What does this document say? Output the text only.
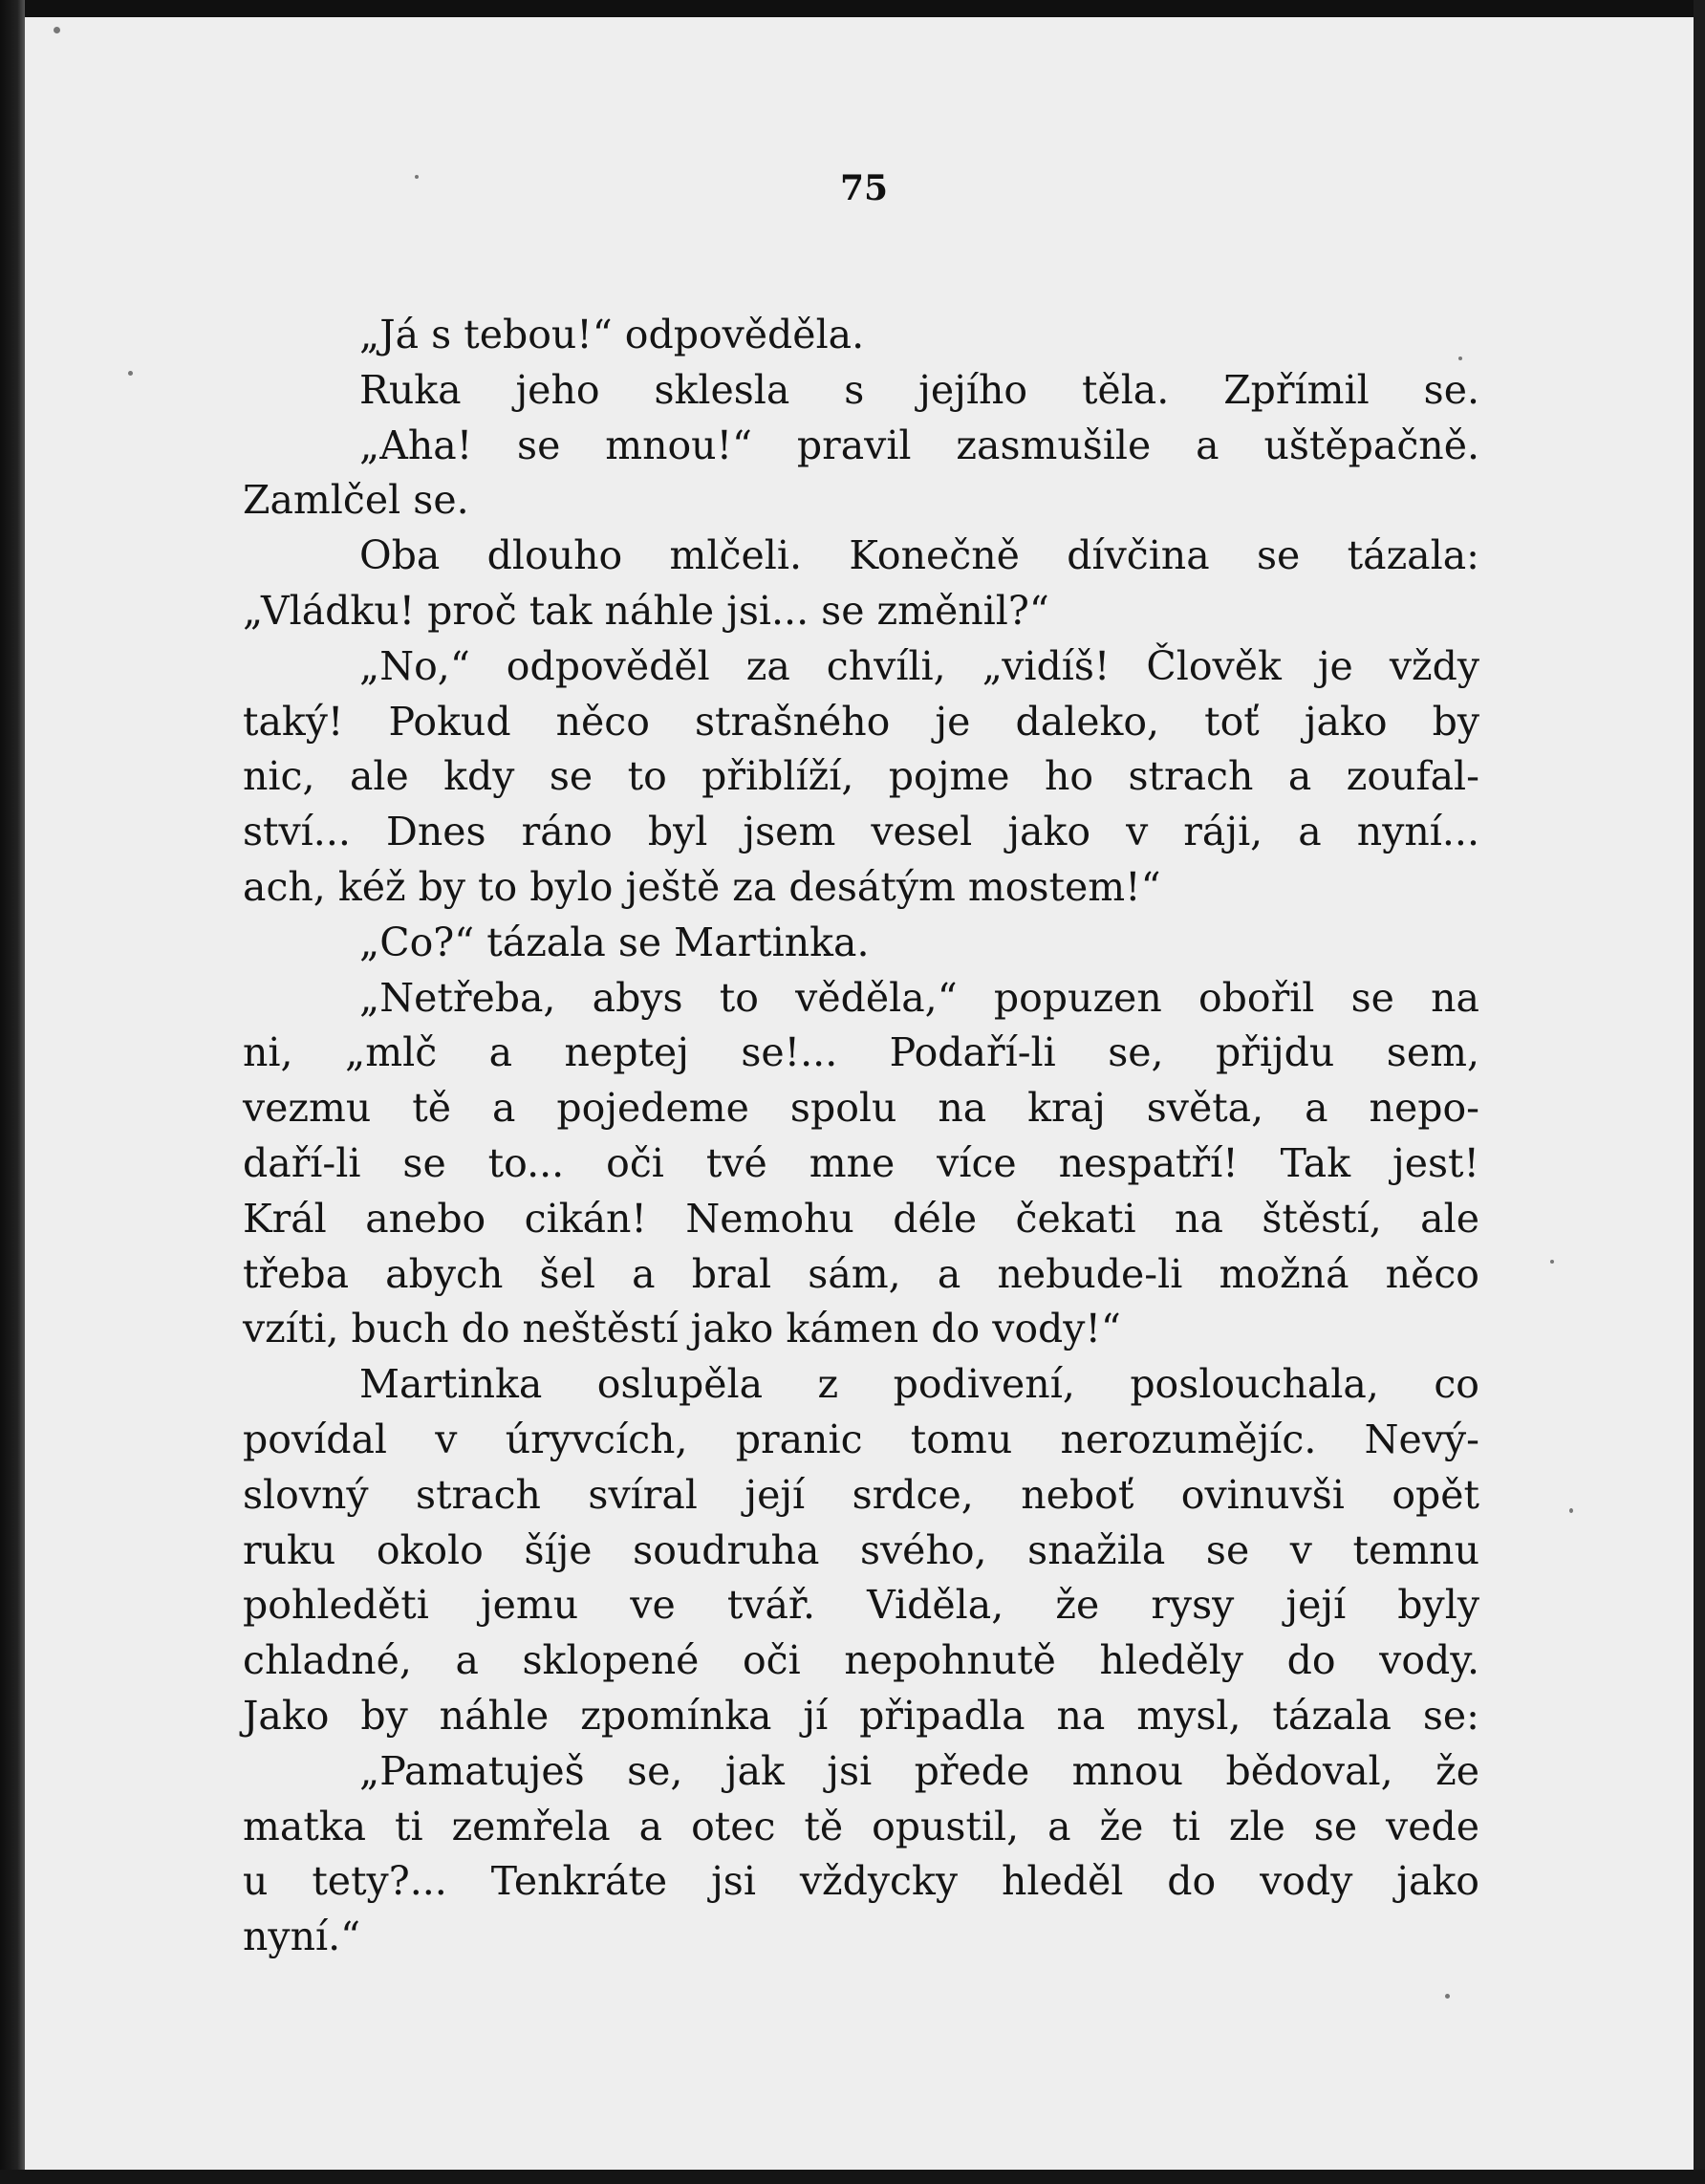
75
„Já s tebou!“ odpověděla.
Ruka jeho sklesla s jejího těla. Zpřímil se.
„Aha! se mnou!“ pravil zasmušile a uštěpačně.
Zamlčel se.
Oba dlouho mlčeli. Konečně dívčina se tázala:
„Vládku! proč tak náhle jsi... se změnil?“
„No,“ odpověděl za chvíli, „vidíš! Člověk je vždy
taký! Pokud něco strašného je daleko, toť jako by
nic, ale kdy se to přiblíží, pojme ho strach a zoufal-
ství... Dnes ráno byl jsem vesel jako v ráji, a nyní...
ach, kéž by to bylo ještě za desátým mostem!“
„Co?“ tázala se Martinka.
„Netřeba, abys to věděla,“ popuzen obořil se na
ni, „mlč a neptej se!... Podaří-li se, přijdu sem,
vezmu tě a pojedeme spolu na kraj světa, a nepo-
daří-li se to... oči tvé mne více nespatří! Tak jest!
Král anebo cikán! Nemohu déle čekati na štěstí, ale
třeba abych šel a bral sám, a nebude-li možná něco
vzíti, buch do neštěstí jako kámen do vody!“
Martinka oslupěla z podivení, poslouchala, co
povídal v úryvcích, pranic tomu nerozumějíc. Nevý-
slovný strach svíral její srdce, neboť ovinuvši opět
ruku okolo šíje soudruha svého, snažila se v temnu
pohleděti jemu ve tvář. Viděla, že rysy její byly
chladné, a sklopené oči nepohnutě hleděly do vody.
Jako by náhle zpomínka jí připadla na mysl, tázala se:
„Pamatuješ se, jak jsi přede mnou bědoval, že
matka ti zemřela a otec tě opustil, a že ti zle se vede
u tety?... Tenkráte jsi vždycky hleděl do vody jako
nyní.“
